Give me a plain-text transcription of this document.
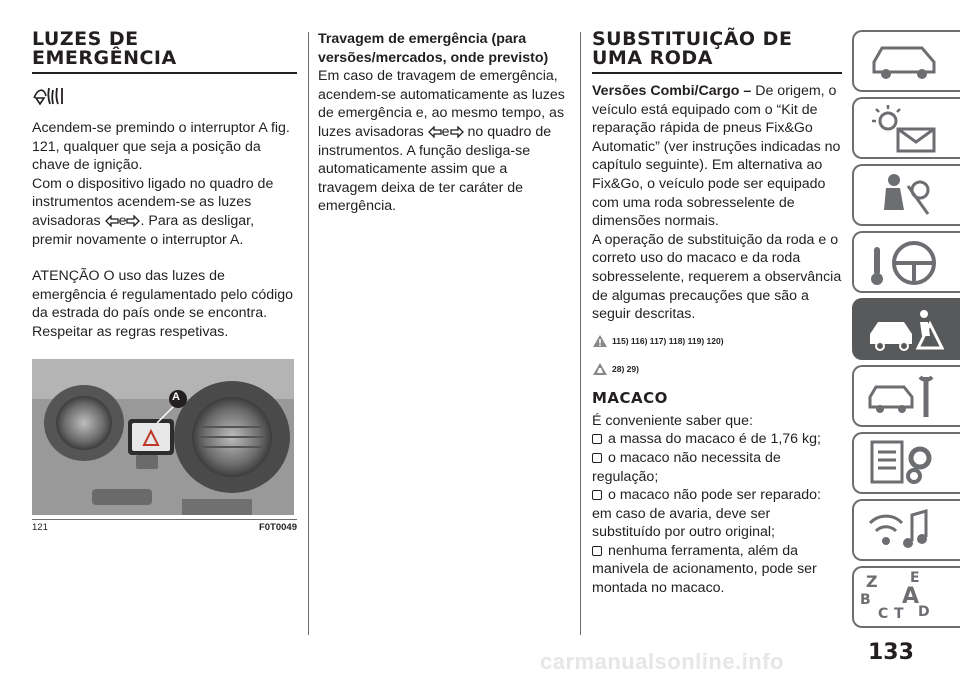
LUZES DE
EMERGÊNCIA

Acendem-se premindo o interruptor A fig. 121, qualquer que seja a posição da chave de ignição.

Com o dispositivo ligado no quadro de instrumentos acendem-se as luzes avisadoras e . Para as desligar, premir novamente o interruptor A.

ATENÇÃO O uso das luzes de emergência é regulamentado pelo código da estrada do país onde se encontra. Respeitar as regras respetivas.

A
121	F0T0049

Travagem de emergência (para versões/mercados, onde previsto)

Em caso de travagem de emergência, acendem-se automaticamente as luzes de emergência e, ao mesmo tempo, as luzes avisadoras e no quadro de instrumentos. A função desliga-se automaticamente assim que a travagem deixa de ter caráter de emergência.

SUBSTITUIÇÃO DE
UMA RODA

Versões Combi/Cargo – De origem, o veículo está equipado com o “Kit de reparação rápida de pneus Fix&Go Automatic” (ver instruções indicadas no capítulo seguinte). Em alternativa ao Fix&Go, o veículo pode ser equipado com uma roda sobresselente de dimensões normais.

A operação de substituição da roda e o correto uso do macaco e da roda sobresselente, requerem a observância de algumas precauções que são a seguir descritas.

115) 116) 117) 118) 119) 120)
28) 29)
MACACO

É conveniente saber que:

a massa do macaco é de 1,76 kg;

o macaco não necessita de regulação;

o macaco não pode ser reparado: em caso de avaria, deve ser substituído por outro original;

nenhuma ferramenta, além da manivela de acionamento, pode ser montada no macaco.	Z E
B A
C T D
133
carmanualsonline.info
